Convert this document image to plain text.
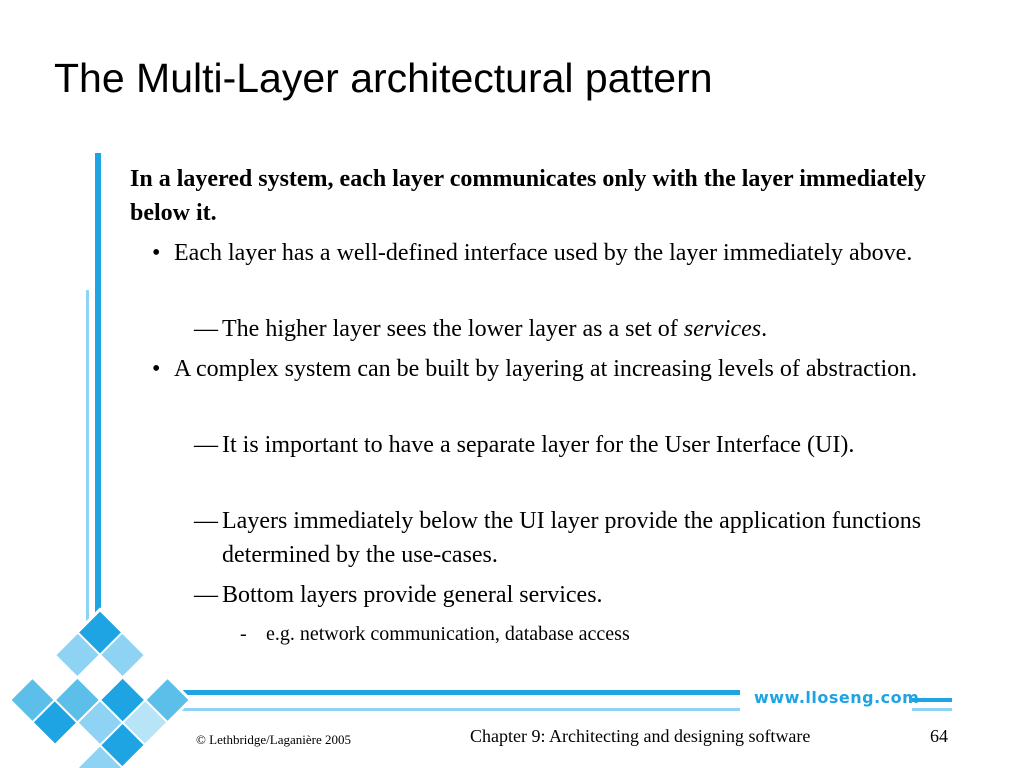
The Multi-Layer architectural pattern
In a layered system, each layer communicates only with the layer immediately below it.
• Each layer has a well-defined interface used by the layer immediately above.
— The higher layer sees the lower layer as a set of services.
• A complex system can be built by layering at increasing levels of abstraction.
— It is important to have a separate layer for the User Interface (UI).
— Layers immediately below the UI layer provide the application functions determined by the use-cases.
— Bottom layers provide general services.
- e.g. network communication, database access
www.lloseng.com
© Lethbridge/Laganière 2005	Chapter 9: Architecting and designing software	64
